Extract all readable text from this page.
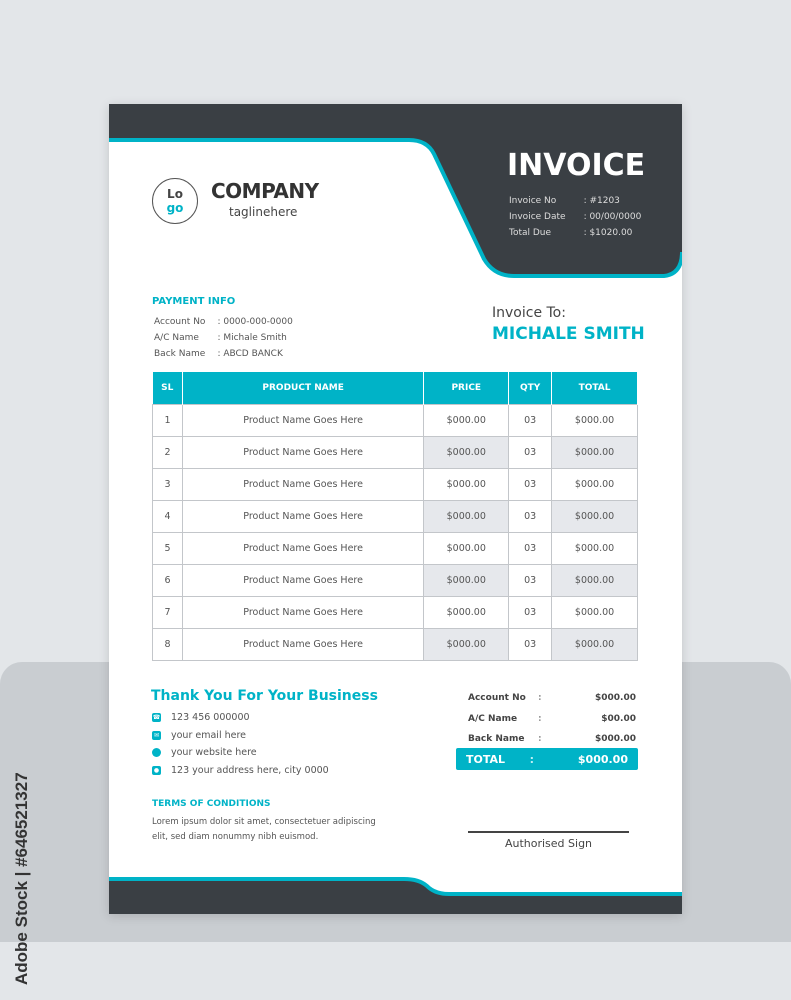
Adobe Stock | #646521327
Lo
go
COMPANY
taglinehere
INVOICE
Invoice No	: #1203
Invoice Date	: 00/00/0000
Total Due	: $1020.00
PAYMENT INFO
Account No	: 0000-000-0000
A/C Name	: Michale Smith
Back Name	: ABCD BANCK
Invoice To:
MICHALE SMITH
SL	PRODUCT NAME	PRICE	QTY	TOTAL
1	Product Name Goes Here	$000.00	03	$000.00
2	Product Name Goes Here	$000.00	03	$000.00
3	Product Name Goes Here	$000.00	03	$000.00
4	Product Name Goes Here	$000.00	03	$000.00
5	Product Name Goes Here	$000.00	03	$000.00
6	Product Name Goes Here	$000.00	03	$000.00
7	Product Name Goes Here	$000.00	03	$000.00
8	Product Name Goes Here	$000.00	03	$000.00
Thank You For Your Business
☎ 123 456 000000
✉ your email here
your website here
● 123 your address here, city 0000
TERMS OF CONDITIONS
Lorem ipsum dolor sit amet, consectetuer adipiscing elit, sed diam nonummy nibh euismod.
Account No	:	$000.00
A/C Name	:	$00.00
Back Name	:	$000.00
TOTAL	:	$000.00
Authorised Sign
